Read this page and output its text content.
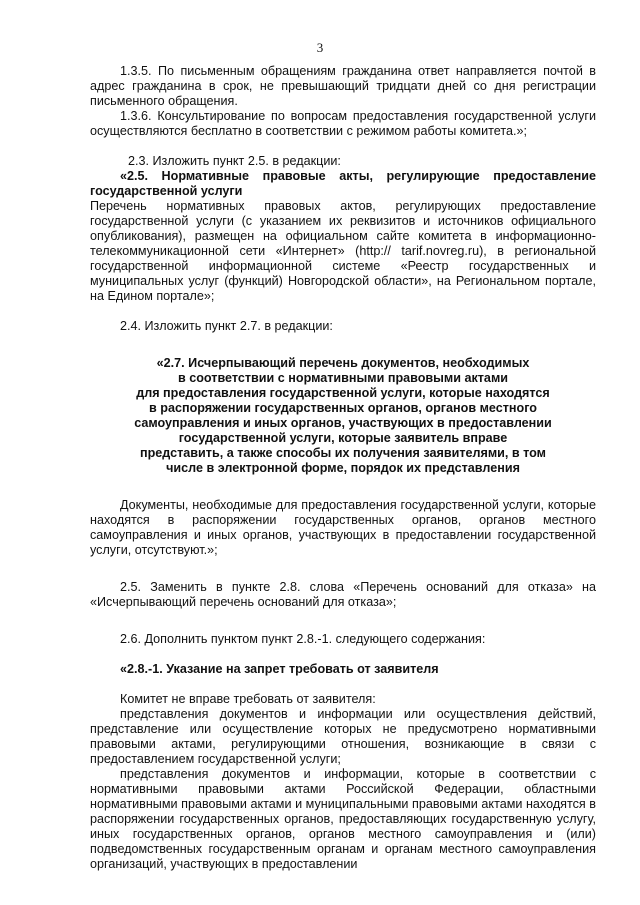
3

1.3.5. По письменным обращениям гражданина ответ направляется почтой в адрес гражданина в срок, не превышающий тридцати дней со дня регистрации письменного обращения.

1.3.6. Консультирование по вопросам предоставления государственной услуги осуществляются бесплатно в соответствии с режимом работы комитета.»;

2.3. Изложить пункт 2.5. в редакции:

«2.5. Нормативные правовые акты, регулирующие предоставление государственной услуги

Перечень нормативных правовых актов, регулирующих предоставление государственной услуги (с указанием их реквизитов и источников официального опубликования), размещен на официальном сайте комитета в информационно-телекоммуникационной сети «Интернет» (http:// tarif.novreg.ru), в региональной государственной информационной системе «Реестр государственных и муниципальных услуг (функций) Новгородской области», на Региональном портале, на Едином портале»;

2.4. Изложить пункт 2.7. в редакции:

«2.7. Исчерпывающий перечень документов, необходимых
в соответствии с нормативными правовыми актами
для предоставления государственной услуги, которые находятся
в распоряжении государственных органов, органов местного
самоуправления и иных органов, участвующих в предоставлении
государственной услуги, которые заявитель вправе
представить, а также способы их получения заявителями, в том
числе в электронной форме, порядок их представления

Документы, необходимые для предоставления государственной услуги, которые находятся в распоряжении государственных органов, органов местного самоуправления и иных органов, участвующих в предоставлении государственной услуги, отсутствуют.»;

2.5. Заменить в пункте 2.8. слова «Перечень оснований для отказа» на «Исчерпывающий перечень оснований для отказа»;

2.6. Дополнить пунктом пункт 2.8.-1. следующего содержания:

«2.8.-1. Указание на запрет требовать от заявителя

Комитет не вправе требовать от заявителя:

представления документов и информации или осуществления действий, представление или осуществление которых не предусмотрено нормативными правовыми актами, регулирующими отношения, возникающие в связи с предоставлением государственной услуги;

представления документов и информации, которые в соответствии с нормативными правовыми актами Российской Федерации, областными нормативными правовыми актами и муниципальными правовыми актами находятся в распоряжении государственных органов, предоставляющих государственную услугу, иных государственных органов, органов местного самоуправления и (или) подведомственных государственным органам и органам местного самоуправления организаций, участвующих в предоставлении
